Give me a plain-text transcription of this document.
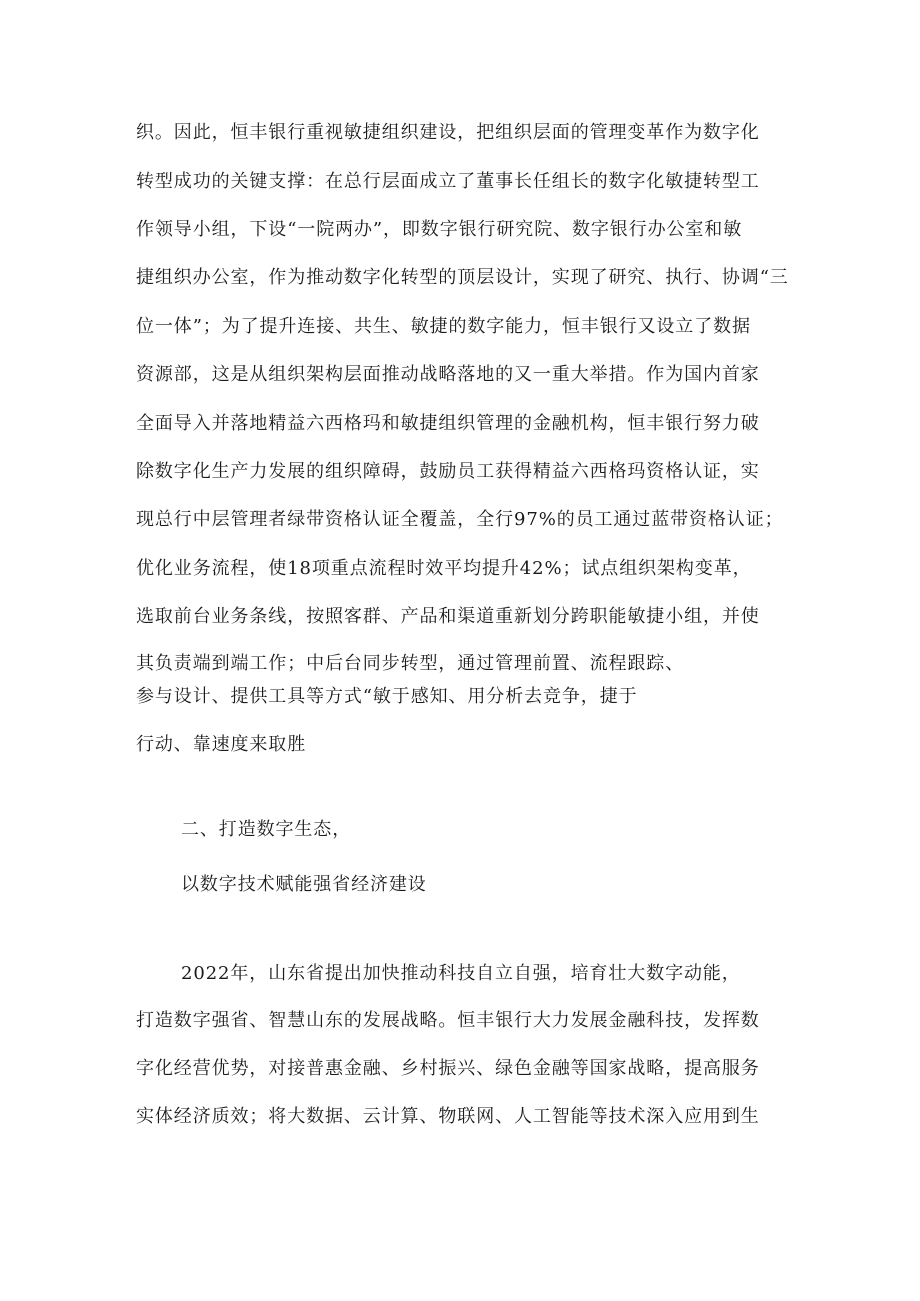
织。因此，恒丰银行重视敏捷组织建设，把组织层面的管理变革作为数字化

转型成功的关键支撑：在总行层面成立了董事长任组长的数字化敏捷转型工

作领导小组，下设“一院两办”，即数字银行研究院、数字银行办公室和敏

捷组织办公室，作为推动数字化转型的顶层设计，实现了研究、执行、协调“三

位一体”；为了提升连接、共生、敏捷的数字能力，恒丰银行又设立了数据

资源部，这是从组织架构层面推动战略落地的又一重大举措。作为国内首家

全面导入并落地精益六西格玛和敏捷组织管理的金融机构，恒丰银行努力破

除数字化生产力发展的组织障碍，鼓励员工获得精益六西格玛资格认证，实

现总行中层管理者绿带资格认证全覆盖，全行97%的员工通过蓝带资格认证；

优化业务流程，使18项重点流程时效平均提升42%；试点组织架构变革，

选取前台业务条线，按照客群、产品和渠道重新划分跨职能敏捷小组，并使

其负责端到端工作；中后台同步转型，通过管理前置、流程跟踪、

参与设计、提供工具等方式“敏于感知、用分析去竞争，捷于

行动、靠速度来取胜

二、打造数字生态，

以数字技术赋能强省经济建设

2022年，山东省提出加快推动科技自立自强，培育壮大数字动能，

打造数字强省、智慧山东的发展战略。恒丰银行大力发展金融科技，发挥数

字化经营优势，对接普惠金融、乡村振兴、绿色金融等国家战略，提高服务

实体经济质效；将大数据、云计算、物联网、人工智能等技术深入应用到生
